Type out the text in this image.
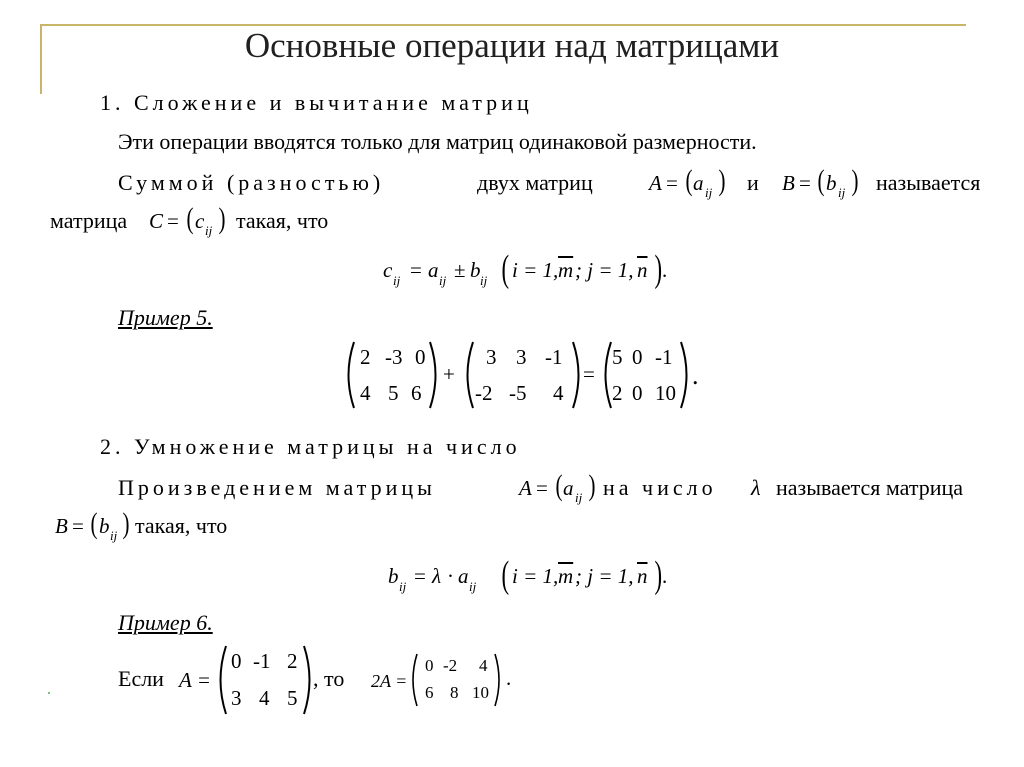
Основные операции над матрицами
1. Сложение и вычитание матриц
Эти операции вводятся только для матриц одинаковой размерности.
Суммой (разностью)	двух матриц	A = ( a ij ) и B = ( b ij ) называется
матрица C = ( c ij ) такая, что
c ij = a ij ± b ij ( i = 1, $\overline{m}$ ; j = 1, $\overline{n}$ ) .
Пример 5.
2 -3 0
4 5 6
+
3 3 -1
-2 -5 4
=
5 0 -1
2 0 10
.
2. Умножение матрицы на число
Произведением матрицы	A = ( a ij ) на число λ называется матрица
B = ( b ij ) такая, что
b ij = λ · a ij ( i = 1, $\overline{m}$ ; j = 1, $\overline{n}$ ) .
Пример 6.
Если A =
0 -1 2
3 4 5
, то 2A =
0 -2 4
6 8 10
.
